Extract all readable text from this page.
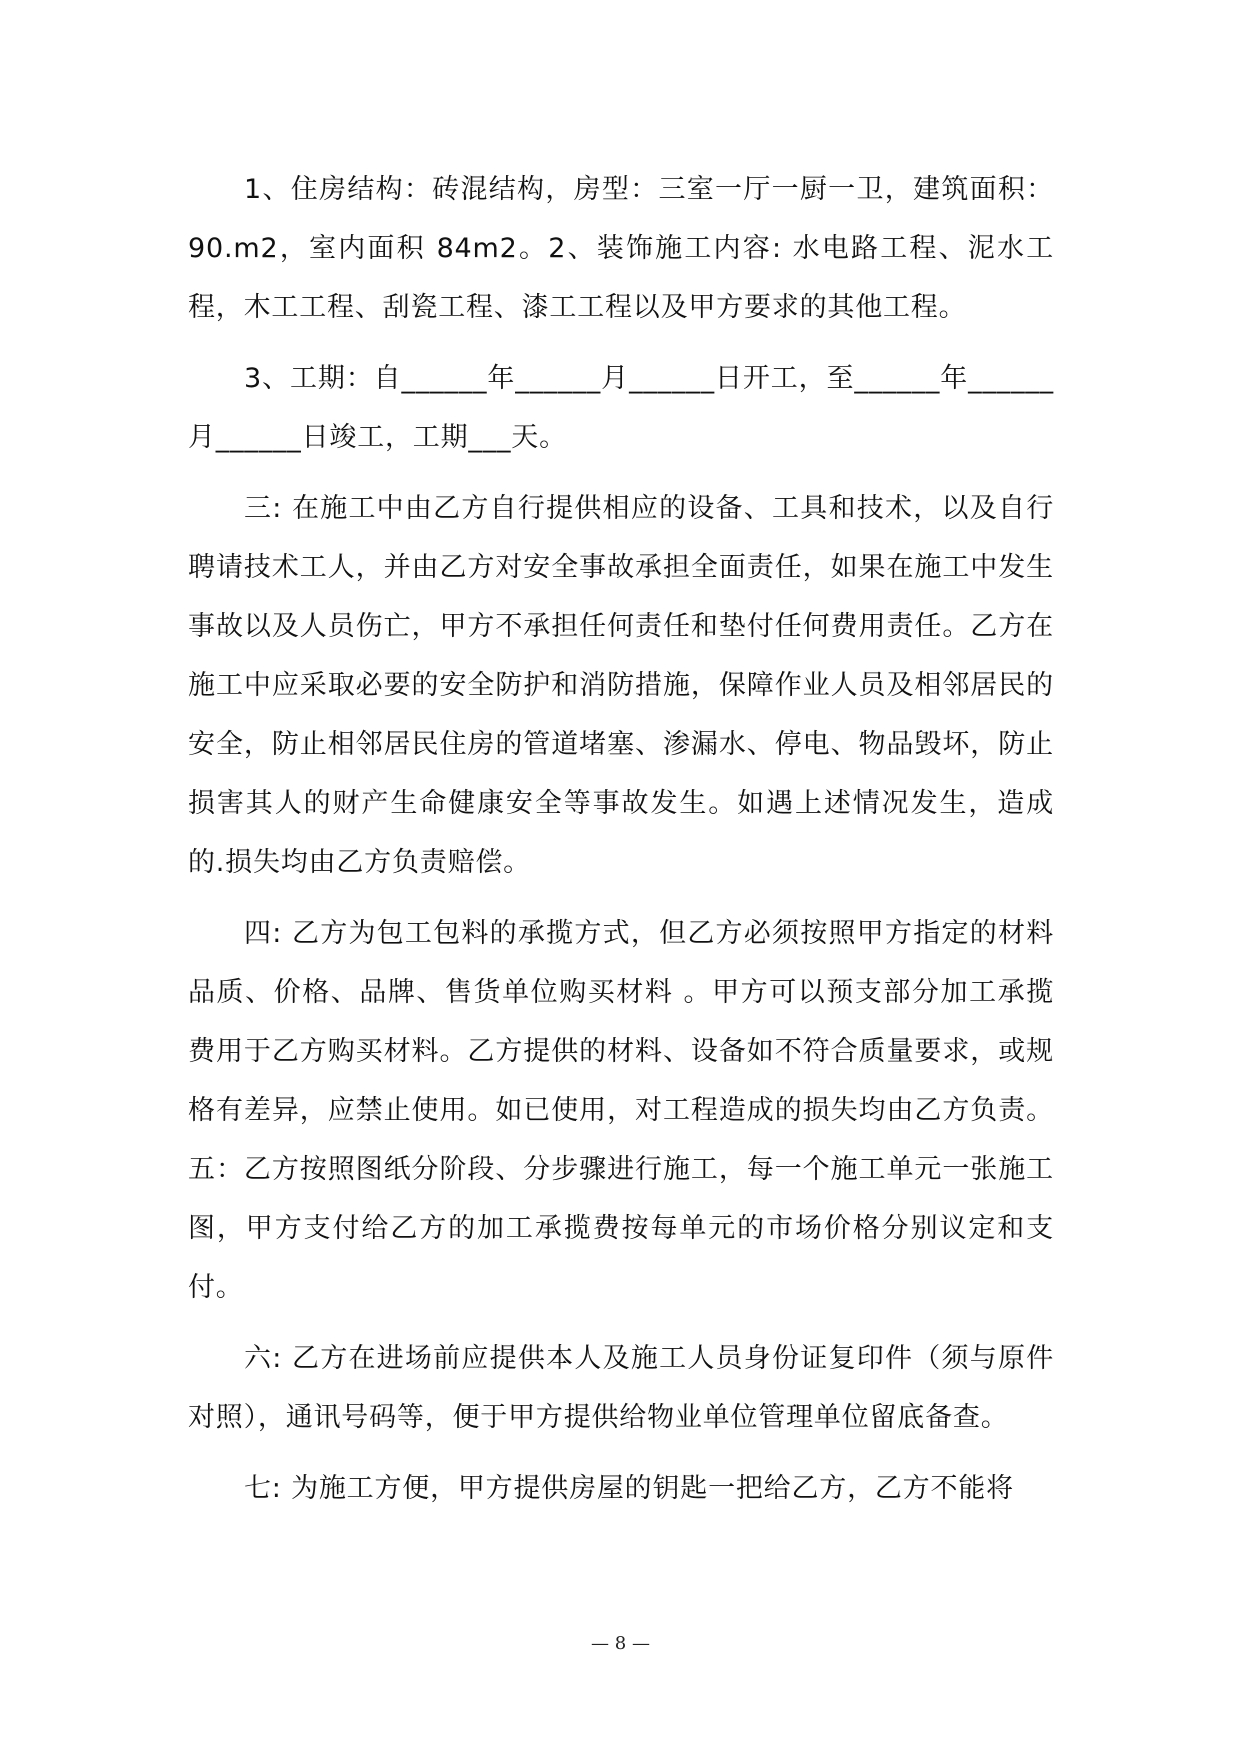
1、住房结构：砖混结构，房型：三室一厅一厨一卫，建筑面积：90.m2，室内面积 84m2。2、装饰施工内容: 水电路工程、泥水工程，木工工程、刮瓷工程、漆工工程以及甲方要求的其他工程。

3、工期：自______年______月______日开工，至______年______月______日竣工，工期___天。

三: 在施工中由乙方自行提供相应的设备、工具和技术，以及自行聘请技术工人，并由乙方对安全事故承担全面责任，如果在施工中发生事故以及人员伤亡，甲方不承担任何责任和垫付任何费用责任。乙方在施工中应采取必要的安全防护和消防措施，保障作业人员及相邻居民的安全，防止相邻居民住房的管道堵塞、渗漏水、停电、物品毁坏，防止损害其人的财产生命健康安全等事故发生。如遇上述情况发生，造成的.损失均由乙方负责赔偿。

四: 乙方为包工包料的承揽方式，但乙方必须按照甲方指定的材料品质、价格、品牌、售货单位购买材料 。甲方可以预支部分加工承揽费用于乙方购买材料。乙方提供的材料、设备如不符合质量要求，或规格有差异，应禁止使用。如已使用，对工程造成的损失均由乙方负责。 五：乙方按照图纸分阶段、分步骤进行施工，每一个施工单元一张施工图，甲方支付给乙方的加工承揽费按每单元的市场价格分别议定和支付。

六: 乙方在进场前应提供本人及施工人员身份证复印件（须与原件对照），通讯号码等，便于甲方提供给物业单位管理单位留底备查。

七: 为施工方便，甲方提供房屋的钥匙一把给乙方，乙方不能将

— 8 —
